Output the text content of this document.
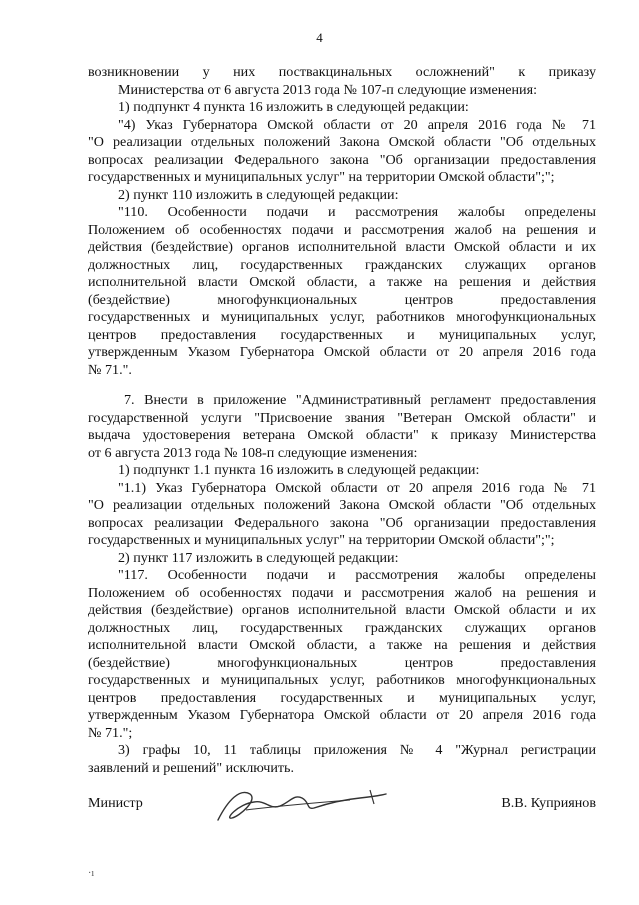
4

возникновении у них поствакцинальных осложнений" к приказу

Министерства от 6 августа 2013 года № 107-п следующие изменения:

1) подпункт 4 пункта 16 изложить в следующей редакции:

"4) Указ Губернатора Омской области от 20 апреля 2016 года № 71

"О реализации отдельных положений Закона Омской области "Об отдельных

вопросах реализации Федерального закона "Об организации предоставления

государственных и муниципальных услуг" на территории Омской области";";

2) пункт 110 изложить в следующей редакции:

"110. Особенности подачи и рассмотрения жалобы определены

Положением об особенностях подачи и рассмотрения жалоб на решения и

действия (бездействие) органов исполнительной власти Омской области и их

должностных лиц, государственных гражданских служащих органов

исполнительной власти Омской области, а также на решения и действия

(бездействие) многофункциональных центров предоставления

государственных и муниципальных услуг, работников многофункциональных

центров предоставления государственных и муниципальных услуг,

утвержденным Указом Губернатора Омской области от 20 апреля 2016 года

№ 71.".

7. Внести в приложение "Административный регламент предоставления

государственной услуги "Присвоение звания "Ветеран Омской области" и

выдача удостоверения ветерана Омской области" к приказу Министерства

от 6 августа 2013 года № 108-п следующие изменения:

1) подпункт 1.1 пункта 16 изложить в следующей редакции:

"1.1) Указ Губернатора Омской области от 20 апреля 2016 года № 71

"О реализации отдельных положений Закона Омской области "Об отдельных

вопросах реализации Федерального закона "Об организации предоставления

государственных и муниципальных услуг" на территории Омской области";";

2) пункт 117 изложить в следующей редакции:

"117. Особенности подачи и рассмотрения жалобы определены

Положением об особенностях подачи и рассмотрения жалоб на решения и

действия (бездействие) органов исполнительной власти Омской области и их

должностных лиц, государственных гражданских служащих органов

исполнительной власти Омской области, а также на решения и действия

(бездействие) многофункциональных центров предоставления

государственных и муниципальных услуг, работников многофункциональных

центров предоставления государственных и муниципальных услуг,

утвержденным Указом Губернатора Омской области от 20 апреля 2016 года

№ 71.";

3) графы 10, 11 таблицы приложения № 4 "Журнал регистрации

заявлений и решений" исключить.

Министр	В.В. Куприянов
·ı
